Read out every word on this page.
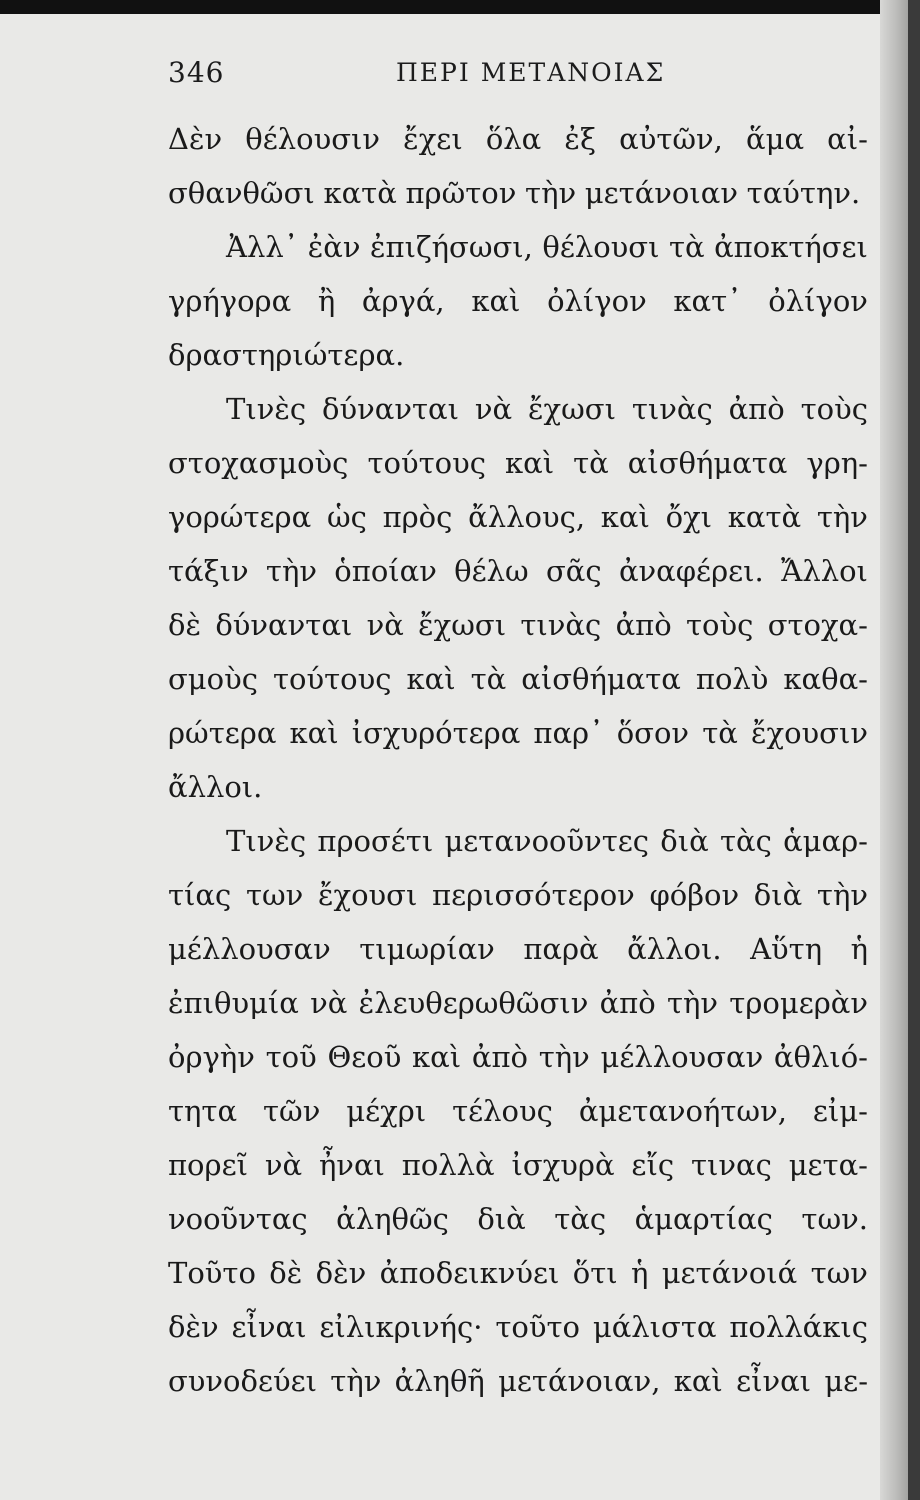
346	ΠΕΡΙ ΜΕΤΑΝΟΙΑΣ
Δὲν θέλουσιν ἔχει ὅλα ἐξ αὐτῶν, ἅμα αἰ-
σθανθῶσι κατὰ πρῶτον τὴν μετάνοιαν ταύτην.
Ἀλλ᾽ ἐὰν ἐπιζήσωσι, θέλουσι τὰ ἀποκτήσει
γρήγορα ἢ ἀργά, καὶ ὀλίγον κατ᾽ ὀλίγον
δραστηριώτερα.
Τινὲς δύνανται νὰ ἔχωσι τινὰς ἀπὸ τοὺς
στοχασμοὺς τούτους καὶ τὰ αἰσθήματα γρη-
γορώτερα ὡς πρὸς ἄλλους, καὶ ὄχι κατὰ τὴν
τάξιν τὴν ὁποίαν θέλω σᾶς ἀναφέρει. Ἄλλοι
δὲ δύνανται νὰ ἔχωσι τινὰς ἀπὸ τοὺς στοχα-
σμοὺς τούτους καὶ τὰ αἰσθήματα πολὺ καθα-
ρώτερα καὶ ἰσχυρότερα παρ᾽ ὅσον τὰ ἔχουσιν
ἄλλοι.
Τινὲς προσέτι μετανοοῦντες διὰ τὰς ἁμαρ-
τίας των ἔχουσι περισσότερον φόβον διὰ τὴν
μέλλουσαν τιμωρίαν παρὰ ἄλλοι. Αὕτη ἡ
ἐπιθυμία νὰ ἐλευθερωθῶσιν ἀπὸ τὴν τρομερὰν
ὀργὴν τοῦ Θεοῦ καὶ ἀπὸ τὴν μέλλουσαν ἀθλιό-
τητα τῶν μέχρι τέλους ἀμετανοήτων, εἰμ-
πορεῖ νὰ ἦναι πολλὰ ἰσχυρὰ εἴς τινας μετα-
νοοῦντας ἀληθῶς διὰ τὰς ἁμαρτίας των.
Τοῦτο δὲ δὲν ἀποδεικνύει ὅτι ἡ μετάνοιά των
δὲν εἶναι εἰλικρινής· τοῦτο μάλιστα πολλάκις
συνοδεύει τὴν ἀληθῆ μετάνοιαν, καὶ εἶναι με-
